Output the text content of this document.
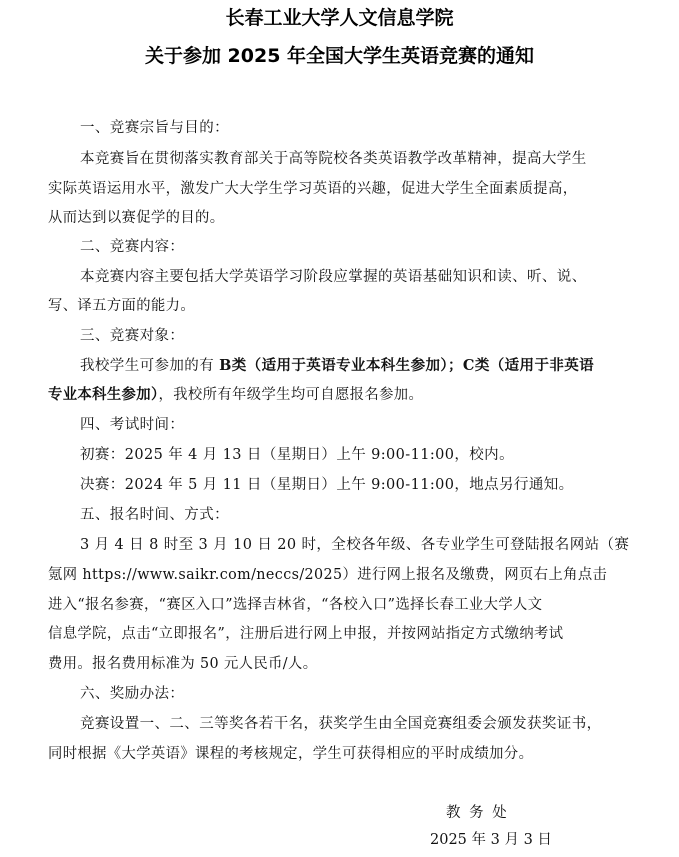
长春工业大学人文信息学院
关于参加 2025 年全国大学生英语竞赛的通知
一、竞赛宗旨与目的：
本竞赛旨在贯彻落实教育部关于高等院校各类英语教学改革精神，提高大学生
实际英语运用水平，激发广大大学生学习英语的兴趣，促进大学生全面素质提高，
从而达到以赛促学的目的。
二、竞赛内容：
本竞赛内容主要包括大学英语学习阶段应掌握的英语基础知识和读、听、说、
写、译五方面的能力。
三、竞赛对象：
我校学生可参加的有 B类（适用于英语专业本科生参加）；C类（适用于非英语
专业本科生参加），我校所有年级学生均可自愿报名参加。
四、考试时间：
初赛：2025 年 4 月 13 日（星期日）上午 9:00-11:00，校内。
决赛：2024 年 5 月 11 日（星期日）上午 9:00-11:00，地点另行通知。
五、报名时间、方式：
3 月 4 日 8 时至 3 月 10 日 20 时，全校各年级、各专业学生可登陆报名网站（赛
氪网 https://www.saikr.com/neccs/2025）进行网上报名及缴费，网页右上角点击
进入“报名参赛，“赛区入口”选择吉林省，“各校入口”选择长春工业大学人文
信息学院，点击“立即报名”，注册后进行网上申报，并按网站指定方式缴纳考试
费用。报名费用标准为 50 元人民币/人。
六、奖励办法：
竞赛设置一、二、三等奖各若干名，获奖学生由全国竞赛组委会颁发获奖证书，
同时根据《大学英语》课程的考核规定，学生可获得相应的平时成绩加分。
教 务 处
2025 年 3 月 3 日
